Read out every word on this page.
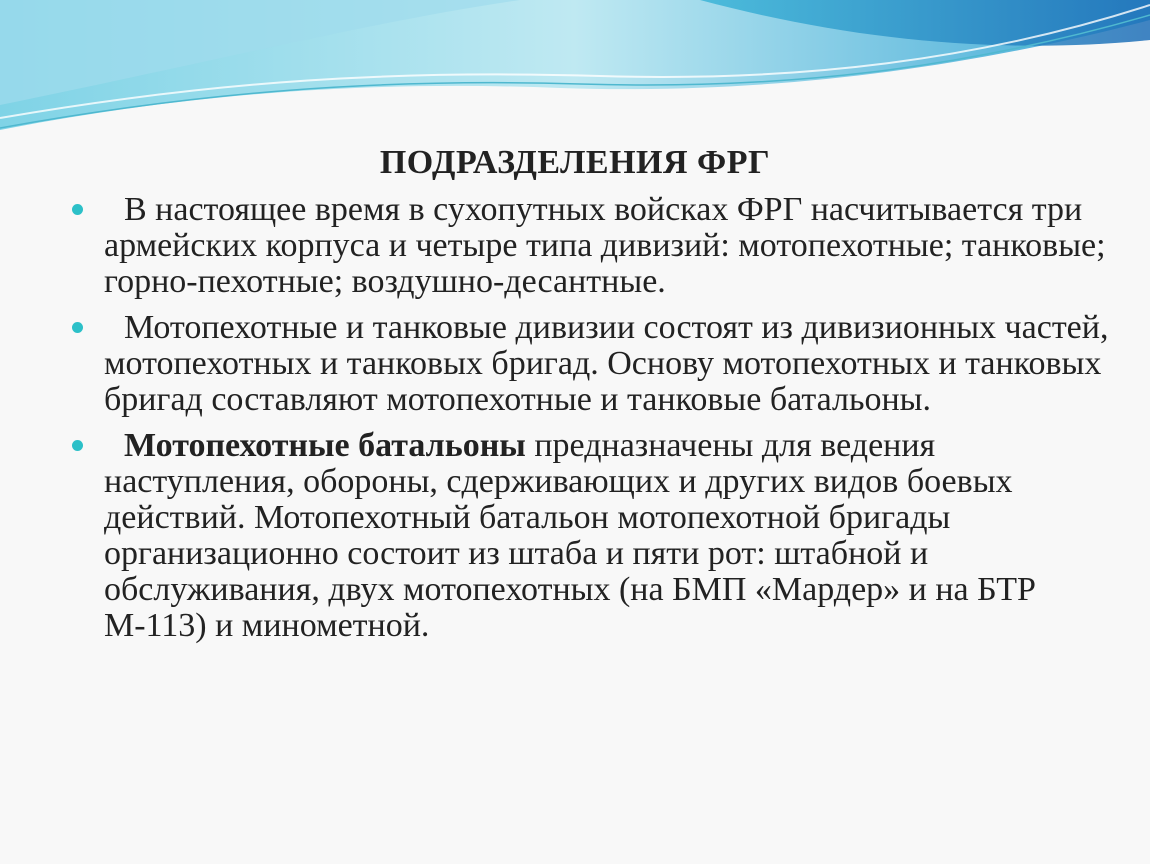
ПОДРАЗДЕЛЕНИЯ ФРГ
В настоящее время в сухопутных войсках ФРГ насчитывается три армейских корпуса и четыре типа дивизий: мотопехотные; танковые; горно-пехотные; воздушно-десантные.
Мотопехотные и танковые дивизии состоят из дивизионных частей, мотопехотных и танковых бригад. Основу мотопехотных и танковых бригад составляют мотопехотные и танковые батальоны.
Мотопехотные батальоны предназначены для ведения наступления, обороны, сдерживающих и других видов боевых действий. Мотопехотный батальон мотопехотной бригады организационно состоит из штаба и пяти рот: штабной и обслуживания, двух мотопехотных (на БМП «Мардер» и на БТР М-113) и минометной.
